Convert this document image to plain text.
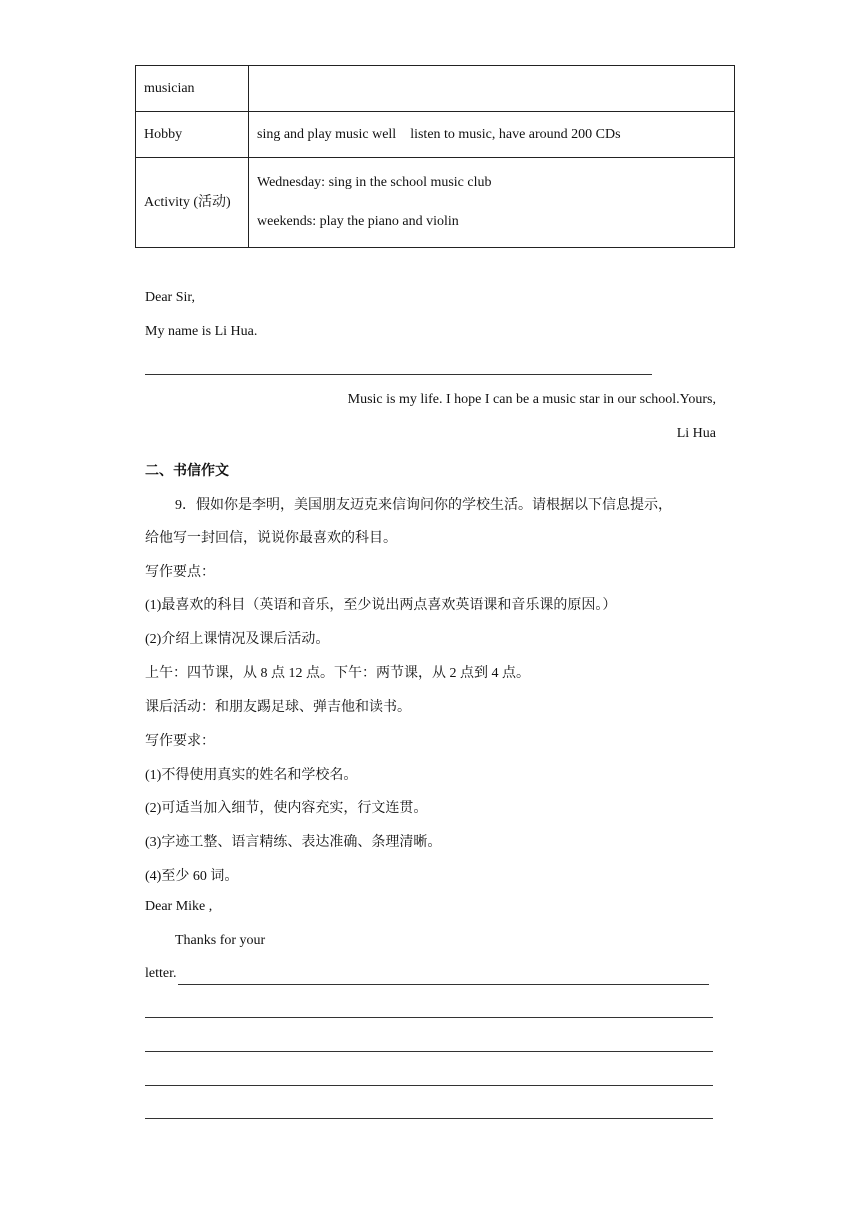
musician	
Hobby	sing and play music well    listen to music, have around 200 CDs
Activity (活动)	Wednesday: sing in the school music club
weekends: play the piano and violin
Dear Sir,
My name is Li Hua.
Music is my life. I hope I can be a music star in our school.Yours,
Li Hua
二、书信作文
9．假如你是李明，美国朋友迈克来信询问你的学校生活。请根据以下信息提示，
给他写一封回信，说说你最喜欢的科目。
写作要点：
(1)最喜欢的科目（英语和音乐，至少说出两点喜欢英语课和音乐课的原因。）
(2)介绍上课情况及课后活动。
上午：四节课，从 8 点 12 点。下午：两节课，从 2 点到 4 点。
课后活动：和朋友踢足球、弹吉他和读书。
写作要求：
(1)不得使用真实的姓名和学校名。
(2)可适当加入细节，使内容充实，行文连贯。
(3)字迹工整、语言精练、表达准确、条理清晰。
(4)至少 60 词。
Dear Mike ,
Thanks for your
letter.
